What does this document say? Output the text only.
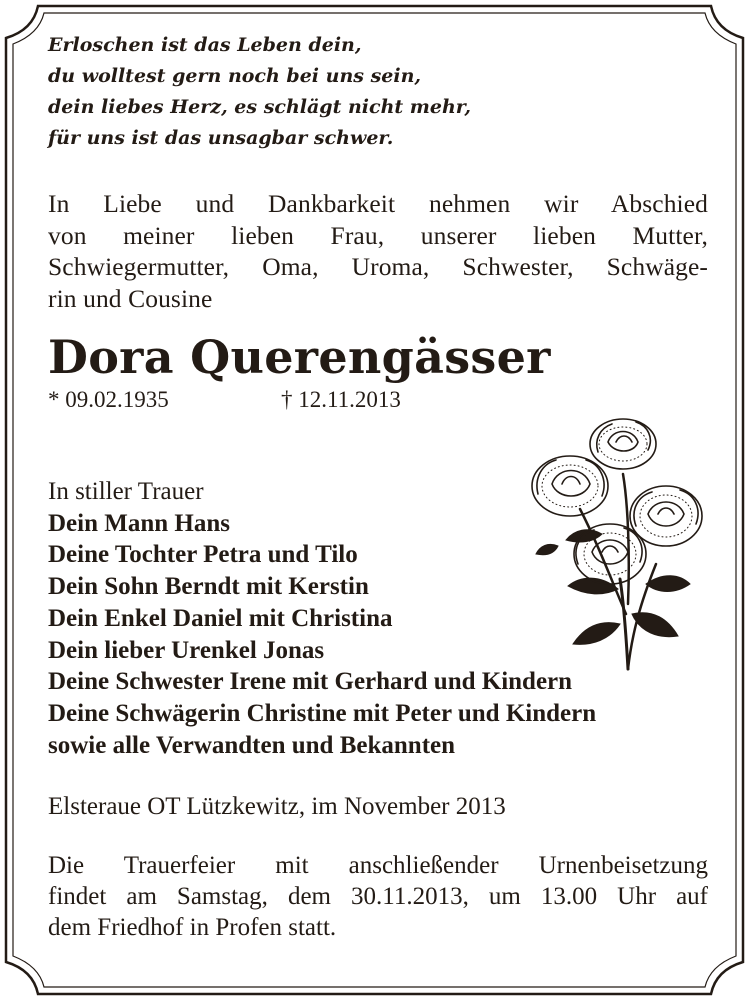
Erloschen ist das Leben dein,
du wolltest gern noch bei uns sein,
dein liebes Herz, es schlägt nicht mehr,
für uns ist das unsagbar schwer.
In Liebe und Dankbarkeit nehmen wir Abschied
von meiner lieben Frau, unserer lieben Mutter,
Schwiegermutter, Oma, Uroma, Schwester, Schwäge-
rin und Cousine
Dora Querengässer
* 09.02.1935	† 12.11.2013
In stiller Trauer
Dein Mann Hans
Deine Tochter Petra und Tilo
Dein Sohn Berndt mit Kerstin
Dein Enkel Daniel mit Christina
Dein lieber Urenkel Jonas
Deine Schwester Irene mit Gerhard und Kindern
Deine Schwägerin Christine mit Peter und Kindern
sowie alle Verwandten und Bekannten
Elsteraue OT Lützkewitz, im November 2013
Die Trauerfeier mit anschließender Urnenbeisetzung
findet am Samstag, dem 30.11.2013, um 13.00 Uhr auf
dem Friedhof in Profen statt.
